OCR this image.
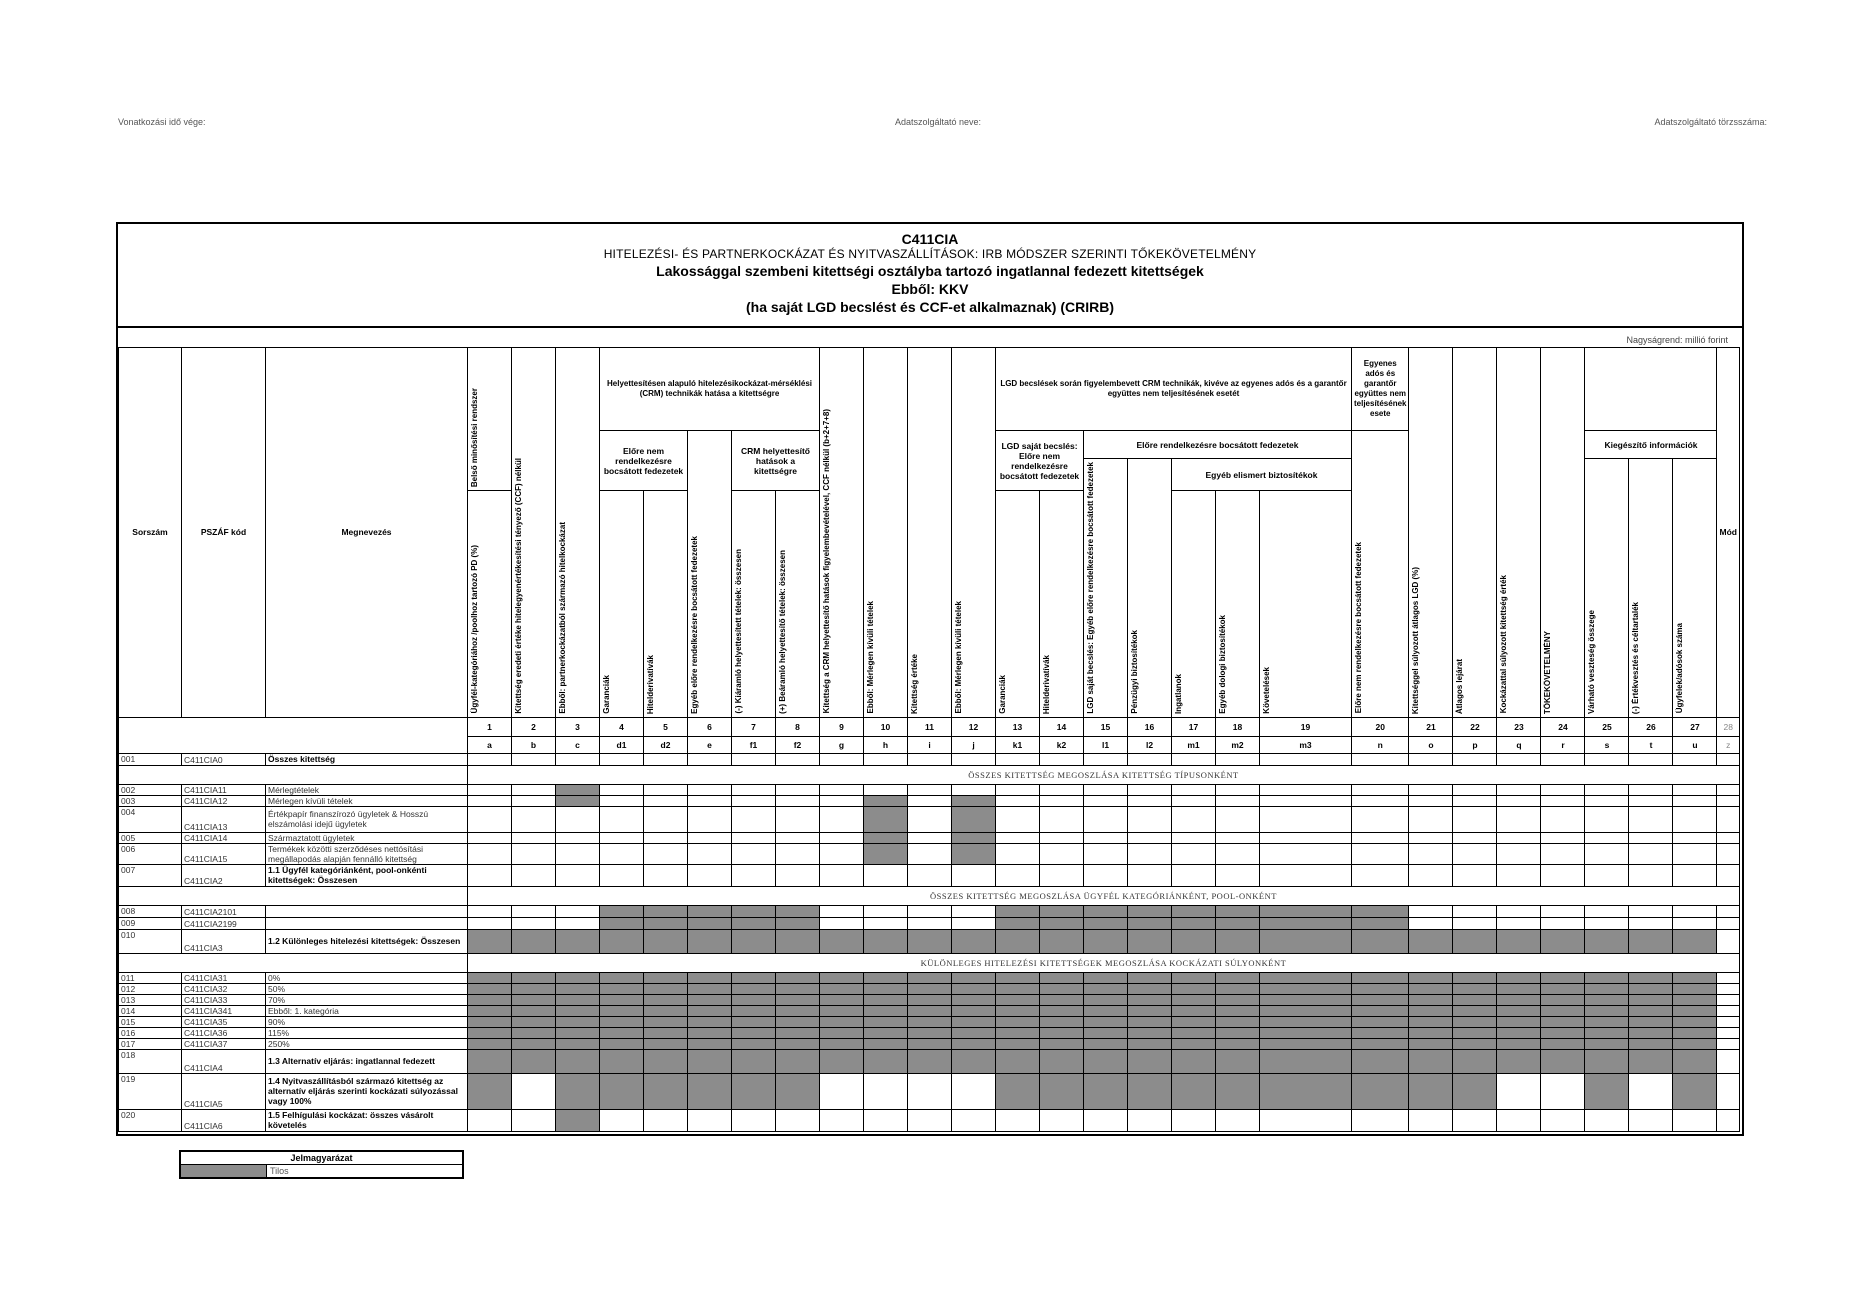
Vonatkozási idő vége:	Adatszolgáltató neve:	Adatszolgáltató törzsszáma:
C411CIA
HITELEZÉSI- ÉS PARTNERKOCKÁZAT ÉS NYITVASZÁLLÍTÁSOK: IRB MÓDSZER SZERINTI TŐKEKÖVETELMÉNY
Lakossággal szembeni kitettségi osztályba tartozó ingatlannal fedezett kitettségek
Ebből: KKV
(ha saját LGD becslést és CCF-et alkalmaznak) (CRIRB)
Nagyságrend: millió forint
Sorszám	PSZÁF kód	Megnevezés	Belső minősítési rendszer	Kitettség eredeti értéke hitelegyenértékesítési tényező (CCF) nélkül	Ebből: partnerkockázatból származó hitelkockázat	Helyettesítésen alapuló hitelezésikockázat-mérséklési (CRM) technikák hatása a kitettségre					Kitettség a CRM helyettesítő hatások figyelembevételével, CCF nélkül (b+2+7+8)	Ebből: Mérlegen kívüli tételek	Kitettség értéke	Ebből: Mérlegen kívüli tételek	LGD becslések során figyelembevett CRM technikák, kivéve az egyenes adós és a garantőr együttes nem teljesítésének esetét							Egyenes adós és garantőr együttes nem teljesítésének esete	Kitettséggel súlyozott átlagos LGD (%)	Átlagos lejárat	Kockázattal súlyozott kitettség érték	TŐKEKÖVETELMÉNY				Mód
						Előre nem rendelkezésre bocsátott fedezetek		Egyéb előre rendelkezésre bocsátott fedezetek	CRM helyettesítő hatások a kitettségre						LGD saját becslés: Előre nem rendelkezésre bocsátott fedezetek		Előre rendelkezésre bocsátott fedezetek					Előre nem rendelkezésre bocsátott fedezetek					Kiegészítő információk			

																	LGD saját becslés: Egyéb előre rendelkezésre bocsátott fedezetek	Pénzügyi biztosítékok	Egyéb elismert biztosítékok								Várható veszteség összege	(-) Értékvesztés és céltartalék	Ügyfelek/adósok száma	

			Ügyfél-kategóriához /poolhoz tartozó PD (%)			Garanciák	Hitelderivatívák		(-) Kiáramló helyettesített tételek: összesen	(+) Beáramló helyettesítő tételek: összesen					Garanciák	Hitelderivatívák			Ingatlanok	Egyéb dologi biztosítékok	Követelések									

			1	2	3	4	5	6	7	8	9	10	11	12	13	14	15	16	17	18	19	20	21	22	23	24	25	26	27	28
			a	b	c	d1	d2	e	f1	f2	g	h	i	j	k1	k2	l1	l2	m1	m2	m3	n	o	p	q	r	s	t	u	z
001	C411CIA0	Összes kitettség																												
			ÖSSZES KITETTSÉG MEGOSZLÁSA KITETTSÉG TÍPUSONKÉNT																											
002	C411CIA11	Mérlegtételek																												
003	C411CIA12	Mérlegen kívüli tételek																												
004	C411CIA13	Értékpapír finanszírozó ügyletek & Hosszú elszámolási idejű ügyletek																												
005	C411CIA14	Származtatott ügyletek																												
006	C411CIA15	Termékek közötti szerződéses nettósítási megállapodás alapján fennálló kitettség																												
007	C411CIA2	1.1 Ügyfél kategóriánként, pool-onkénti kitettségek: Összesen																												
			ÖSSZES KITETTSÉG MEGOSZLÁSA ÜGYFÉL KATEGÓRIÁNKÉNT, POOL-ONKÉNT																											
008	C411CIA2101																													
009	C411CIA2199																													
010	C411CIA3	1.2 Különleges hitelezési kitettségek: Összesen																												
			KÜLÖNLEGES HITELEZÉSI KITETTSÉGEK MEGOSZLÁSA KOCKÁZATI SÚLYONKÉNT																											
011	C411CIA31	0%																												
012	C411CIA32	50%																												
013	C411CIA33	70%																												
014	C411CIA341	Ebből: 1. kategória																												
015	C411CIA35	90%																												
016	C411CIA36	115%																												
017	C411CIA37	250%																												
018	C411CIA4	1.3 Alternatív eljárás: ingatlannal fedezett																												
019	C411CIA5	1.4 Nyitvaszállításból származó kitettség az alternatív eljárás szerinti kockázati súlyozással vagy 100%																												
020	C411CIA6	1.5 Felhígulási kockázat: összes vásárolt követelés																												
Jelmagyarázat
Tilos
